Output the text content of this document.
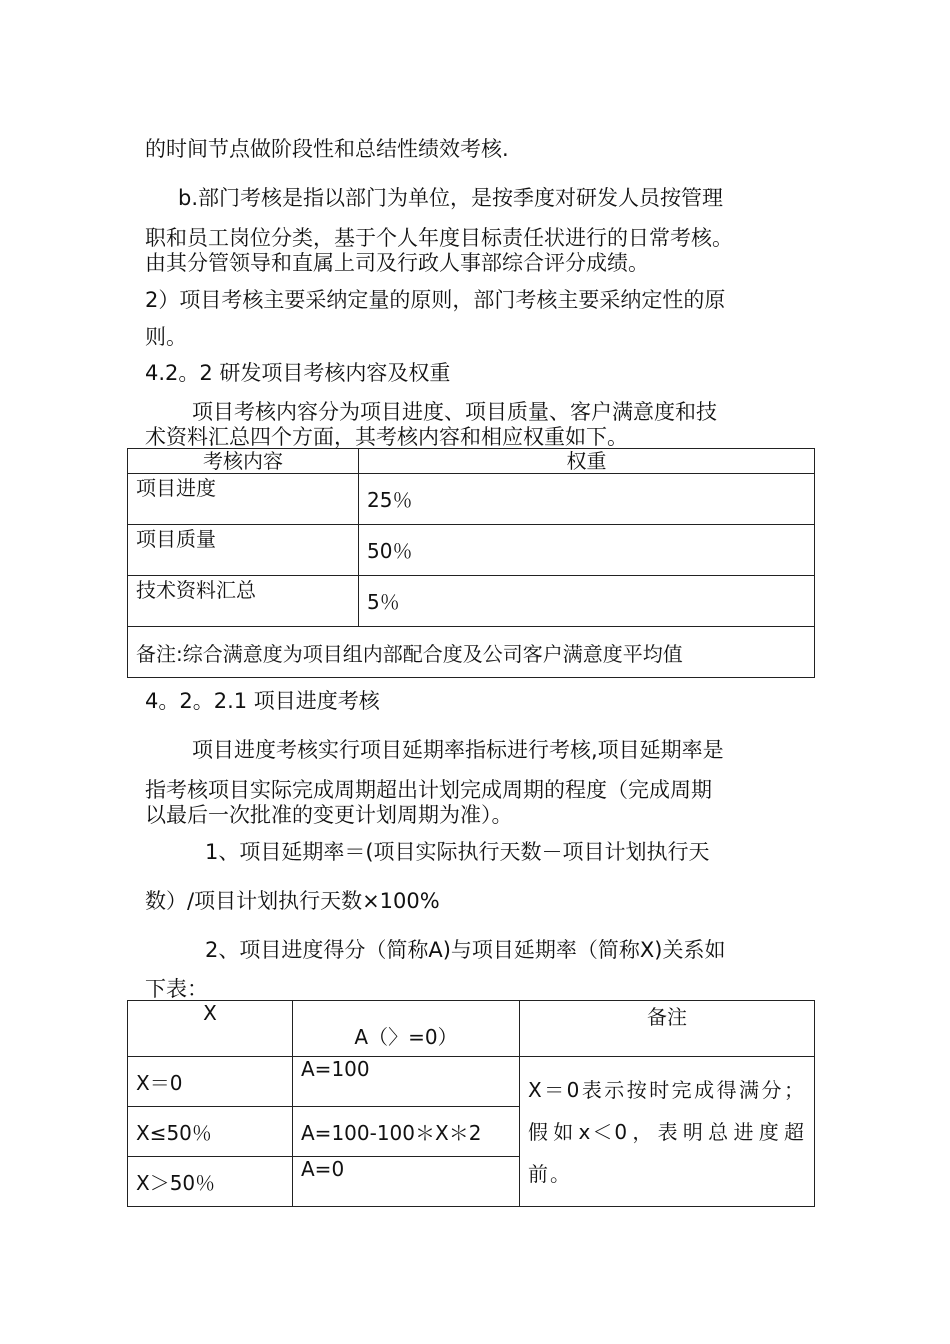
的时间节点做阶段性和总结性绩效考核.
b.部门考核是指以部门为单位，是按季度对研发人员按管理
职和员工岗位分类，基于个人年度目标责任状进行的日常考核。
由其分管领导和直属上司及行政人事部综合评分成绩。
2）项目考核主要采纳定量的原则，部门考核主要采纳定性的原
则。
4.2。2 研发项目考核内容及权重
项目考核内容分为项目进度、项目质量、客户满意度和技
术资料汇总四个方面，其考核内容和相应权重如下。
考核内容	权重
项目进度	25％
项目质量	50％
技术资料汇总	5％
备注:综合满意度为项目组内部配合度及公司客户满意度平均值	
4。2。2.1 项目进度考核
项目进度考核实行项目延期率指标进行考核,项目延期率是
指考核项目实际完成周期超出计划完成周期的程度（完成周期
以最后一次批准的变更计划周期为准）。
1、项目延期率＝(项目实际执行天数－项目计划执行天
数）/项目计划执行天数×100%
2、项目进度得分（简称A)与项目延期率（简称X)关系如
下表：
X	A（〉=0）	备注
X＝0	A=100	X＝0表示按时完成得满分；假如x＜0，表明总进度超前。
X≤50％	A=100-100＊X＊2	
X＞50％	A=0	
